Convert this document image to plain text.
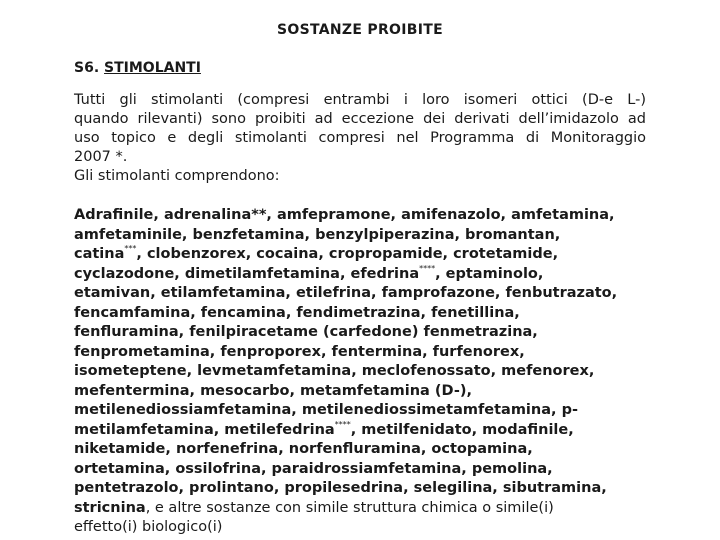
SOSTANZE PROIBITE
S6. STIMOLANTI
Tutti gli stimolanti (compresi entrambi i loro isomeri ottici (D-e L-)
quando rilevanti) sono proibiti ad eccezione dei derivati dell’imidazolo ad
uso topico e degli stimolanti compresi nel Programma di Monitoraggio
2007 *.
Gli stimolanti comprendono:
Adrafinile, adrenalina**, amfepramone, amifenazolo, amfetamina,
amfetaminile, benzfetamina, benzylpiperazina, bromantan,
catina***, clobenzorex, cocaina, cropropamide, crotetamide,
cyclazodone, dimetilamfetamina, efedrina****, eptaminolo,
etamivan, etilamfetamina, etilefrina, famprofazone, fenbutrazato,
fencamfamina, fencamina, fendimetrazina, fenetillina,
fenfluramina, fenilpiracetame (carfedone) fenmetrazina,
fenprometamina, fenproporex, fentermina, furfenorex,
isometeptene, levmetamfetamina, meclofenossato, mefenorex,
mefentermina, mesocarbo, metamfetamina (D-),
metilenediossiamfetamina, metilenediossimetamfetamina, p-
metilamfetamina, metilefedrina****, metilfenidato, modafinile,
niketamide, norfenefrina, norfenfluramina, octopamina,
ortetamina, ossilofrina, paraidrossiamfetamina, pemolina,
pentetrazolo, prolintano, propilesedrina, selegilina, sibutramina,
stricnina, e altre sostanze con simile struttura chimica o simile(i)
effetto(i) biologico(i)
